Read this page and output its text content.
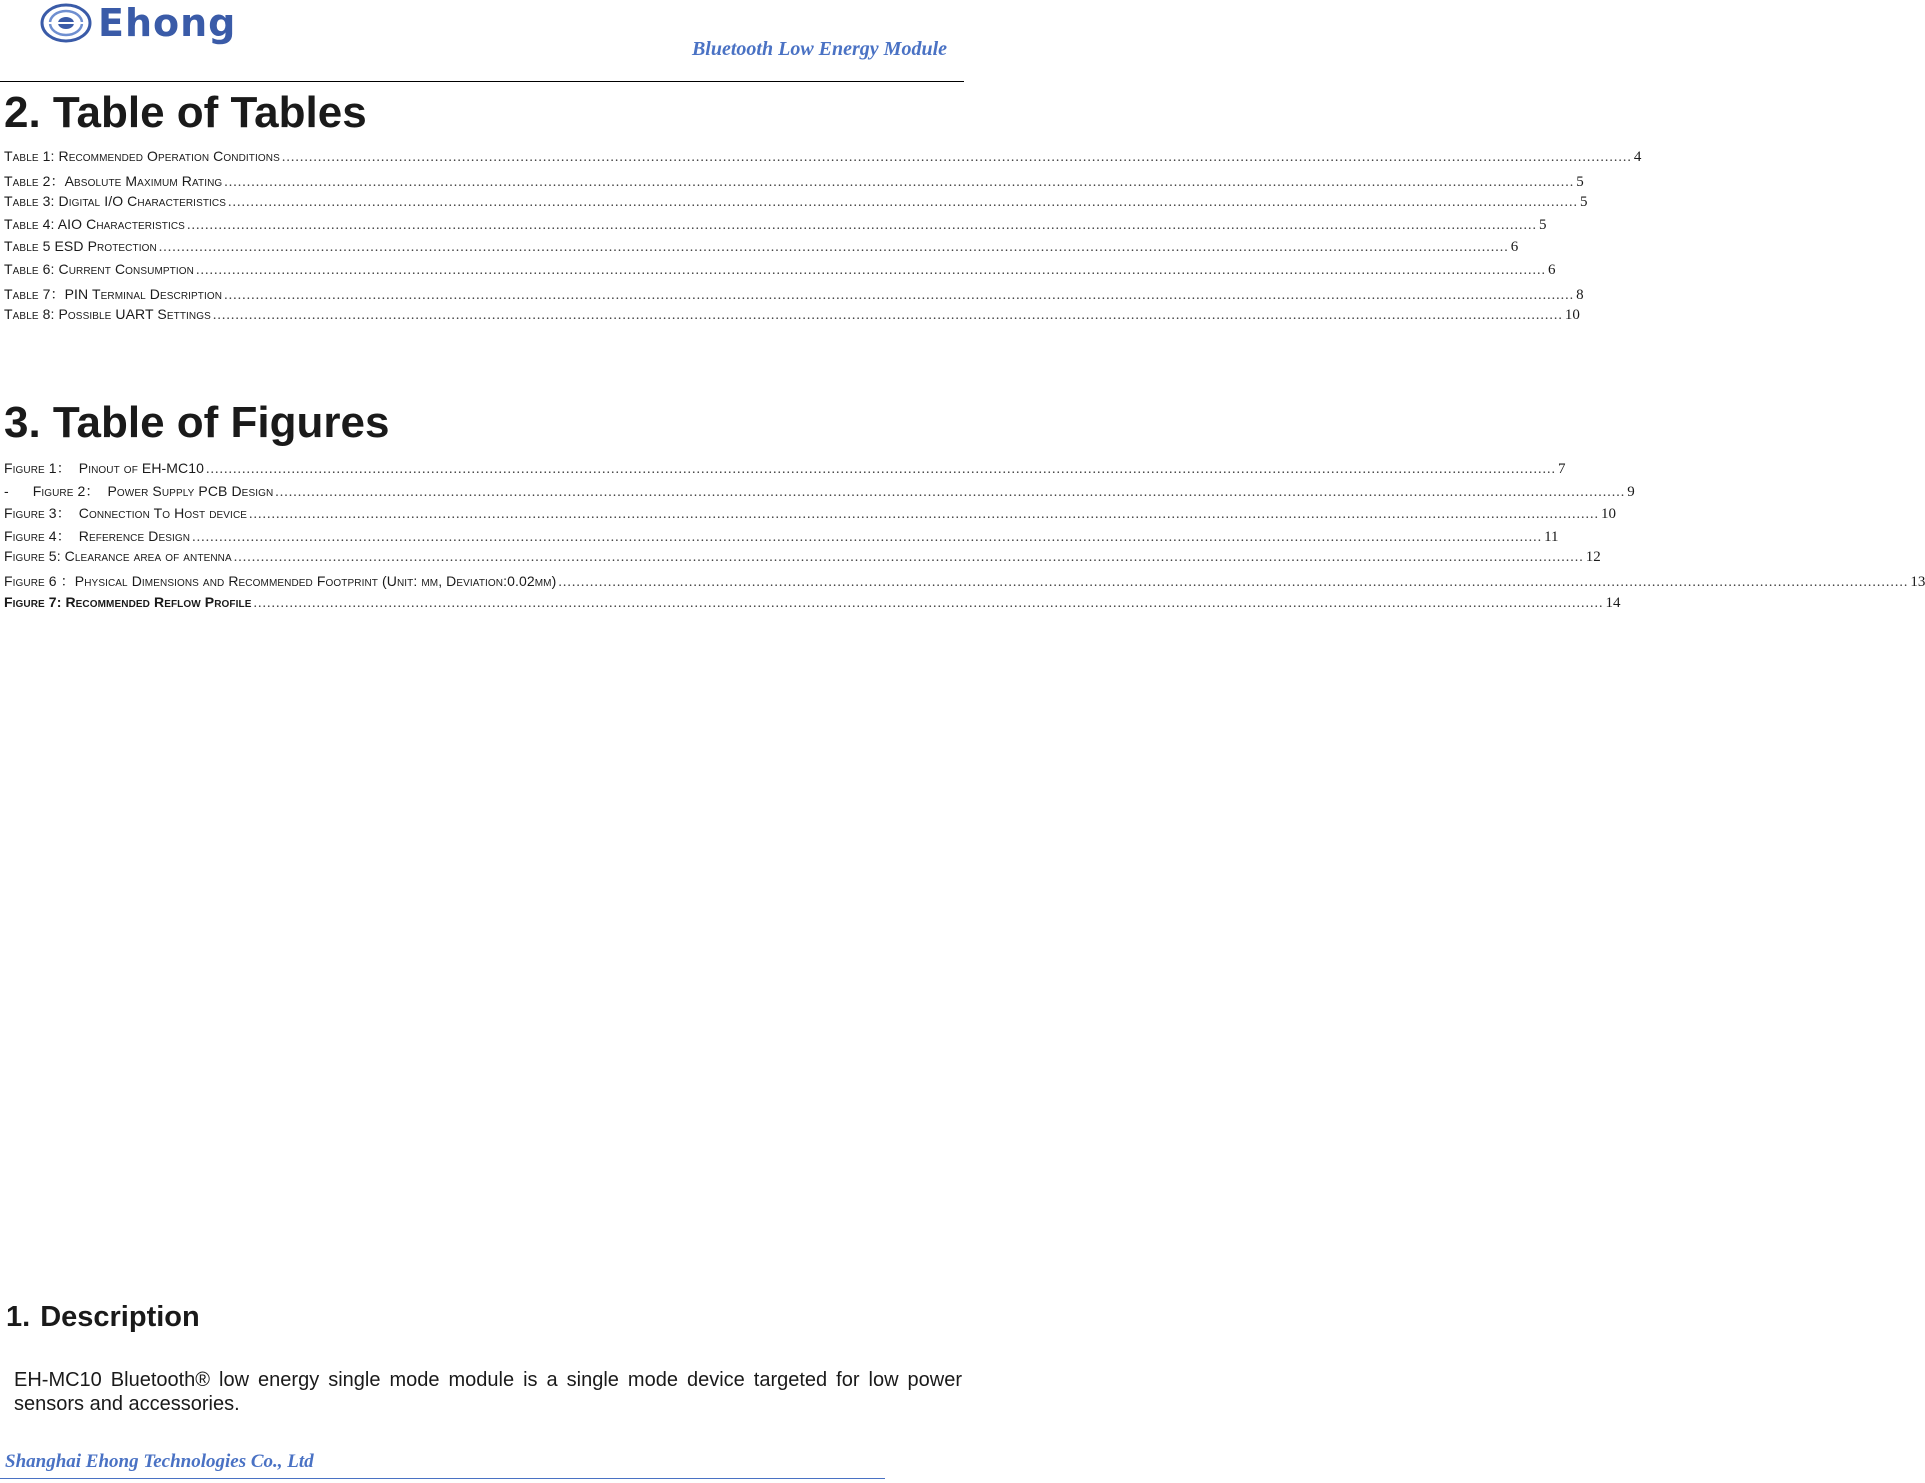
Ehong
Bluetooth Low Energy Module
2. Table of Tables
Table 1: Recommended Operation Conditions ............................................................................................................................................................................................................................................................................................................ 4
Table 2：Absolute Maximum Rating ............................................................................................................................................................................................................................................................................................................ 5
Table 3: Digital I/O Characteristics ............................................................................................................................................................................................................................................................................................................ 5
Table 4: AIO Characteristics ............................................................................................................................................................................................................................................................................................................ 5
Table 5 ESD Protection ............................................................................................................................................................................................................................................................................................................ 6
Table 6: Current Consumption ............................................................................................................................................................................................................................................................................................................ 6
Table 7：PIN Terminal Description ............................................................................................................................................................................................................................................................................................................ 8
Table 8: Possible UART Settings ............................................................................................................................................................................................................................................................................................................ 10
3. Table of Figures
Figure 1：  Pinout of EH-MC10 ............................................................................................................................................................................................................................................................................................................ 7
-      Figure 2：  Power Supply PCB Design ............................................................................................................................................................................................................................................................................................................ 9
Figure 3：  Connection To Host device ............................................................................................................................................................................................................................................................................................................ 10
Figure 4：  Reference Design ............................................................................................................................................................................................................................................................................................................ 11
Figure 5: Clearance area of antenna ............................................................................................................................................................................................................................................................................................................ 12
Figure 6 ：Physical Dimensions and Recommended Footprint (Unit: mm, Deviation:0.02mm) ............................................................................................................................................................................................................................................................................................................ 13
Figure 7: Recommended Reflow Profile ............................................................................................................................................................................................................................................................................................................ 14
1. Description

EH-MC10 Bluetooth® low energy single mode module is a single mode device targeted for low power sensors and accessories.

Shanghai Ehong Technologies Co., Ltd
